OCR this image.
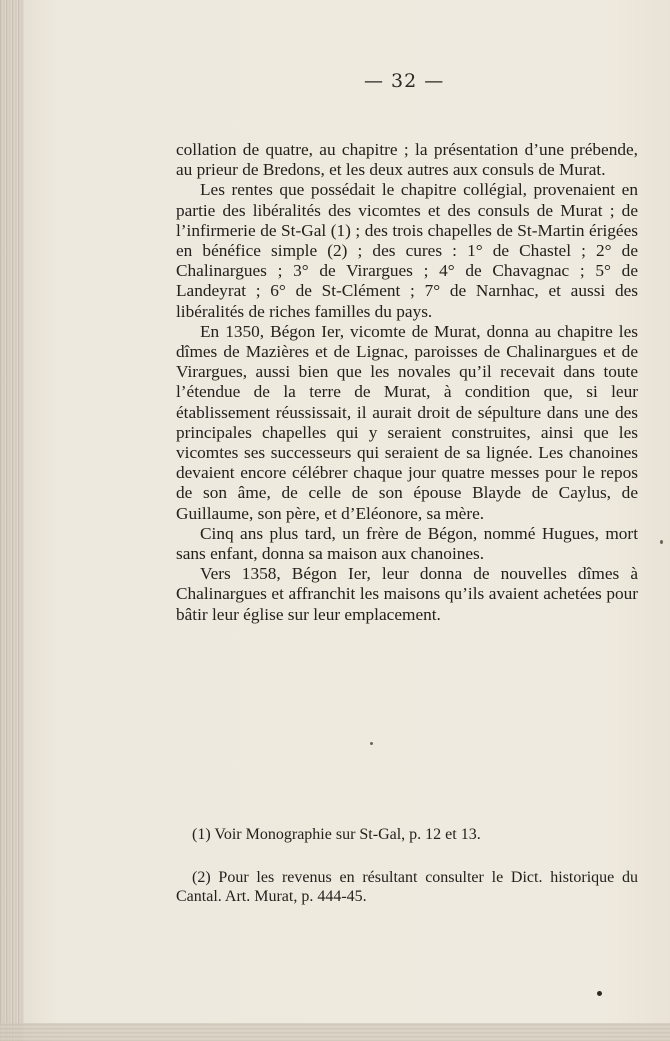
— 32 —

collation de quatre, au chapitre ; la présentation d’une prébende, au prieur de Bredons, et les deux autres aux consuls de Murat.

Les rentes que possédait le chapitre collégial, provenaient en partie des libéralités des vicomtes et des consuls de Murat ; de l’infirmerie de St-Gal (1) ; des trois chapelles de St-Martin érigées en bénéfice simple (2) ; des cures : 1° de Chastel ; 2° de Chalinargues ; 3° de Virargues ; 4° de Chavagnac ; 5° de Landeyrat ; 6° de St-Clément ; 7° de Narnhac, et aussi des libéralités de riches familles du pays.

En 1350, Bégon Ier, vicomte de Murat, donna au chapitre les dîmes de Mazières et de Lignac, paroisses de Chalinargues et de Virargues, aussi bien que les novales qu’il recevait dans toute l’étendue de la terre de Murat, à condition que, si leur établissement réussissait, il aurait droit de sépulture dans une des principales chapelles qui y seraient construites, ainsi que les vicomtes ses successeurs qui seraient de sa lignée. Les chanoines devaient encore célébrer chaque jour quatre messes pour le repos de son âme, de celle de son épouse Blayde de Caylus, de Guillaume, son père, et d’Eléonore, sa mère.

Cinq ans plus tard, un frère de Bégon, nommé Hugues, mort sans enfant, donna sa maison aux chanoines.

Vers 1358, Bégon Ier, leur donna de nouvelles dîmes à Chalinargues et affranchit les maisons qu’ils avaient achetées pour bâtir leur église sur leur emplacement.

(1) Voir Monographie sur St-Gal, p. 12 et 13.

(2) Pour les revenus en résultant consulter le Dict. historique du Cantal. Art. Murat, p. 444-45.
